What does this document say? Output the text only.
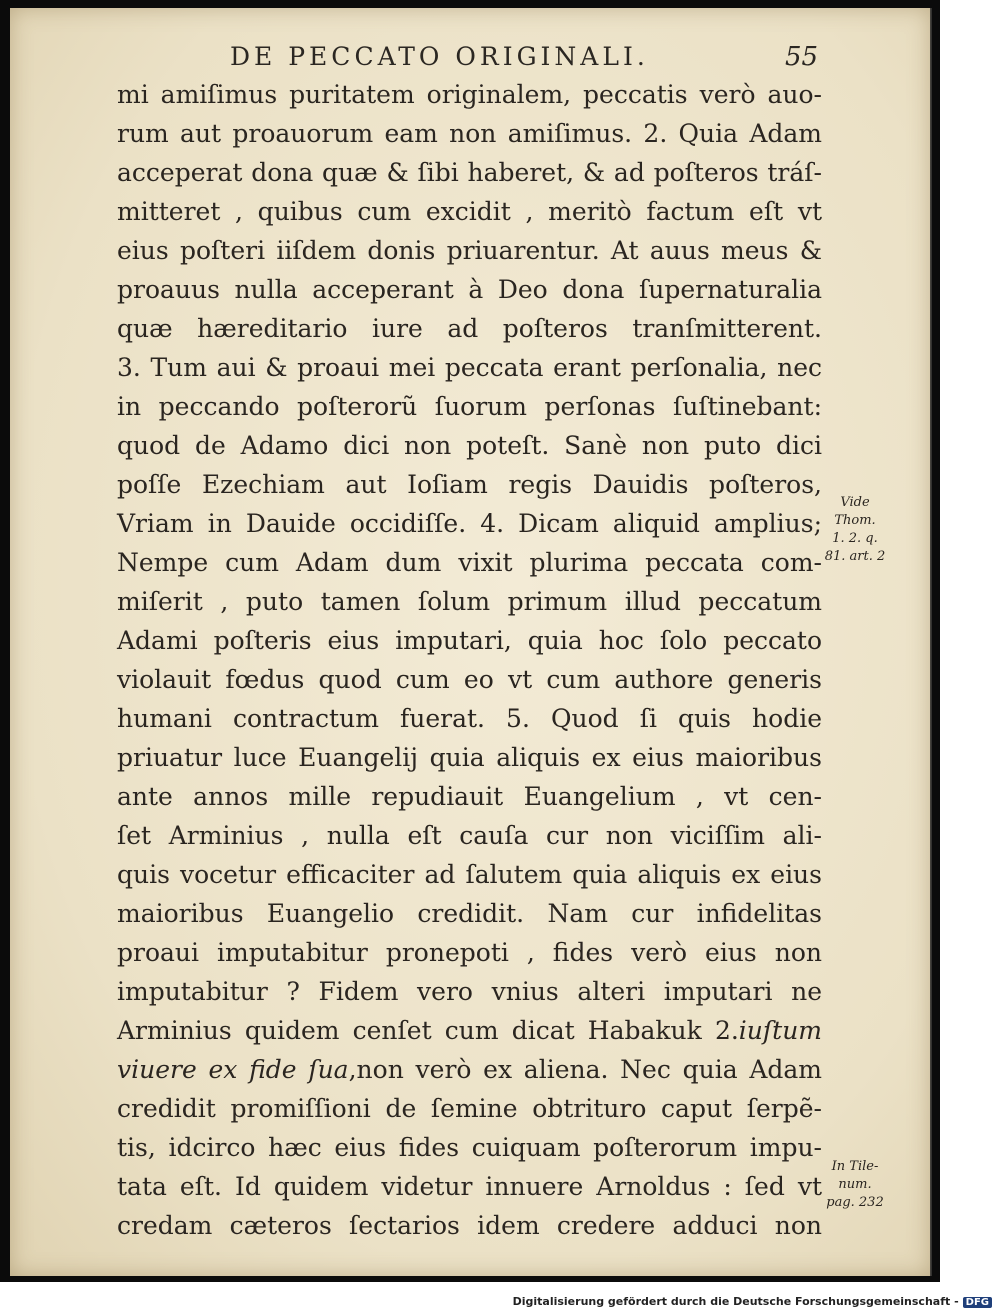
DE PECCATO ORIGINALI.	55
mi amiſimus puritatem originalem, peccatis verò auo-
rum aut proauorum eam non amiſimus. 2. Quia Adam
acceperat dona quæ & ſibi haberet, & ad poſteros tráſ-
mitteret , quibus cum excidit , meritò factum eſt vt
eius poſteri iiſdem donis priuarentur. At auus meus &
proauus nulla acceperant à Deo dona ſupernaturalia
quæ hæreditario iure ad poſteros tranſmitterent.
3. Tum aui & proaui mei peccata erant perſonalia, nec
in peccando poſterorũ ſuorum perſonas ſuſtinebant:
quod de Adamo dici non poteſt. Sanè non puto dici
poſſe Ezechiam aut Ioſiam regis Dauidis poſteros,
Vriam in Dauide occidiſſe. 4. Dicam aliquid amplius;
Nempe cum Adam dum vixit plurima peccata com-
miſerit , puto tamen ſolum primum illud peccatum
Adami poſteris eius imputari, quia hoc ſolo peccato
violauit fœdus quod cum eo vt cum authore generis
humani contractum fuerat. 5. Quod ſi quis hodie
priuatur luce Euangelij quia aliquis ex eius maioribus
ante annos mille repudiauit Euangelium , vt cen-
ſet Arminius , nulla eſt cauſa cur non viciſſim ali-
quis vocetur efficaciter ad ſalutem quia aliquis ex eius
maioribus Euangelio credidit. Nam cur infidelitas
proaui imputabitur pronepoti , fides verò eius non
imputabitur ? Fidem vero vnius alteri imputari ne
Arminius quidem cenſet cum dicat Habakuk 2.iuſtum
viuere ex fide ſua,non verò ex aliena. Nec quia Adam
credidit promiſſioni de ſemine obtrituro caput ſerpẽ-
tis, idcirco hæc eius fides cuiquam poſterorum impu-
tata eſt. Id quidem videtur innuere Arnoldus : ſed vt
credam cæteros ſectarios idem credere adduci non
Vide
Thom.
1. 2. q.
81. art. 2
In Tile-
num.
pag. 232
Digitalisierung gefördert durch die Deutsche Forschungsgemeinschaft - DFG
